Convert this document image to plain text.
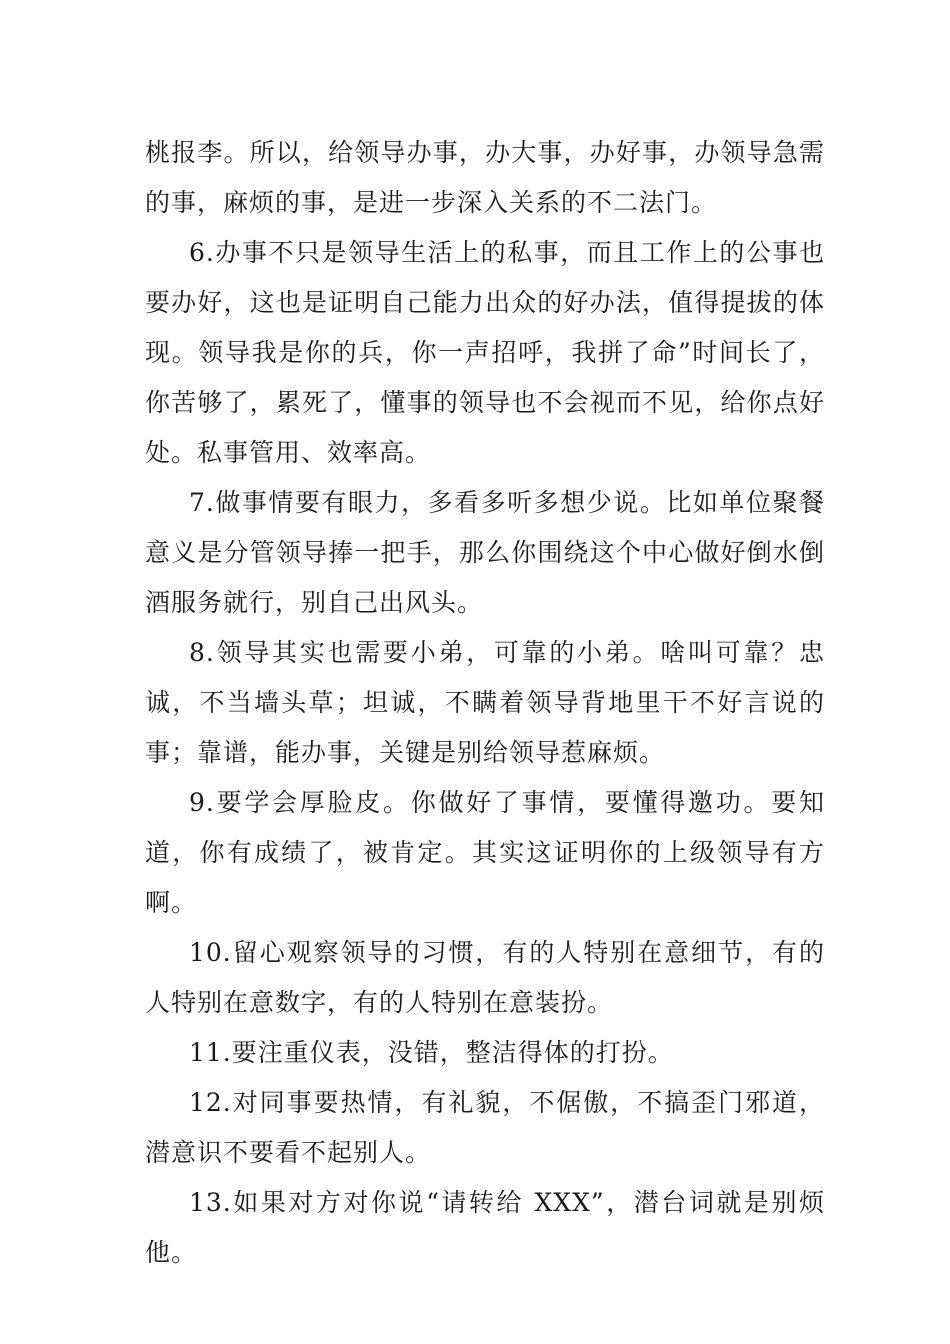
桃报李。所以，给领导办事，办大事，办好事，办领导急需的事，麻烦的事，是进一步深入关系的不二法门。

6.办事不只是领导生活上的私事，而且工作上的公事也要办好，这也是证明自己能力出众的好办法，值得提拔的体现。领导我是你的兵，你一声招呼，我拼了命”时间长了，你苦够了，累死了，懂事的领导也不会视而不见，给你点好处。私事管用、效率高。

7.做事情要有眼力，多看多听多想少说。比如单位聚餐意义是分管领导捧一把手，那么你围绕这个中心做好倒水倒酒服务就行，别自己出风头。

8.领导其实也需要小弟，可靠的小弟。啥叫可靠？忠诚，不当墙头草；坦诚，不瞒着领导背地里干不好言说的事；靠谱，能办事，关键是别给领导惹麻烦。

9.要学会厚脸皮。你做好了事情，要懂得邀功。要知道，你有成绩了，被肯定。其实这证明你的上级领导有方啊。

10.留心观察领导的习惯，有的人特别在意细节，有的人特别在意数字，有的人特别在意装扮。

11.要注重仪表，没错，整洁得体的打扮。

12.对同事要热情，有礼貌，不倨傲，不搞歪门邪道，潜意识不要看不起别人。

13.如果对方对你说“请转给 XXX”，潜台词就是别烦他。
